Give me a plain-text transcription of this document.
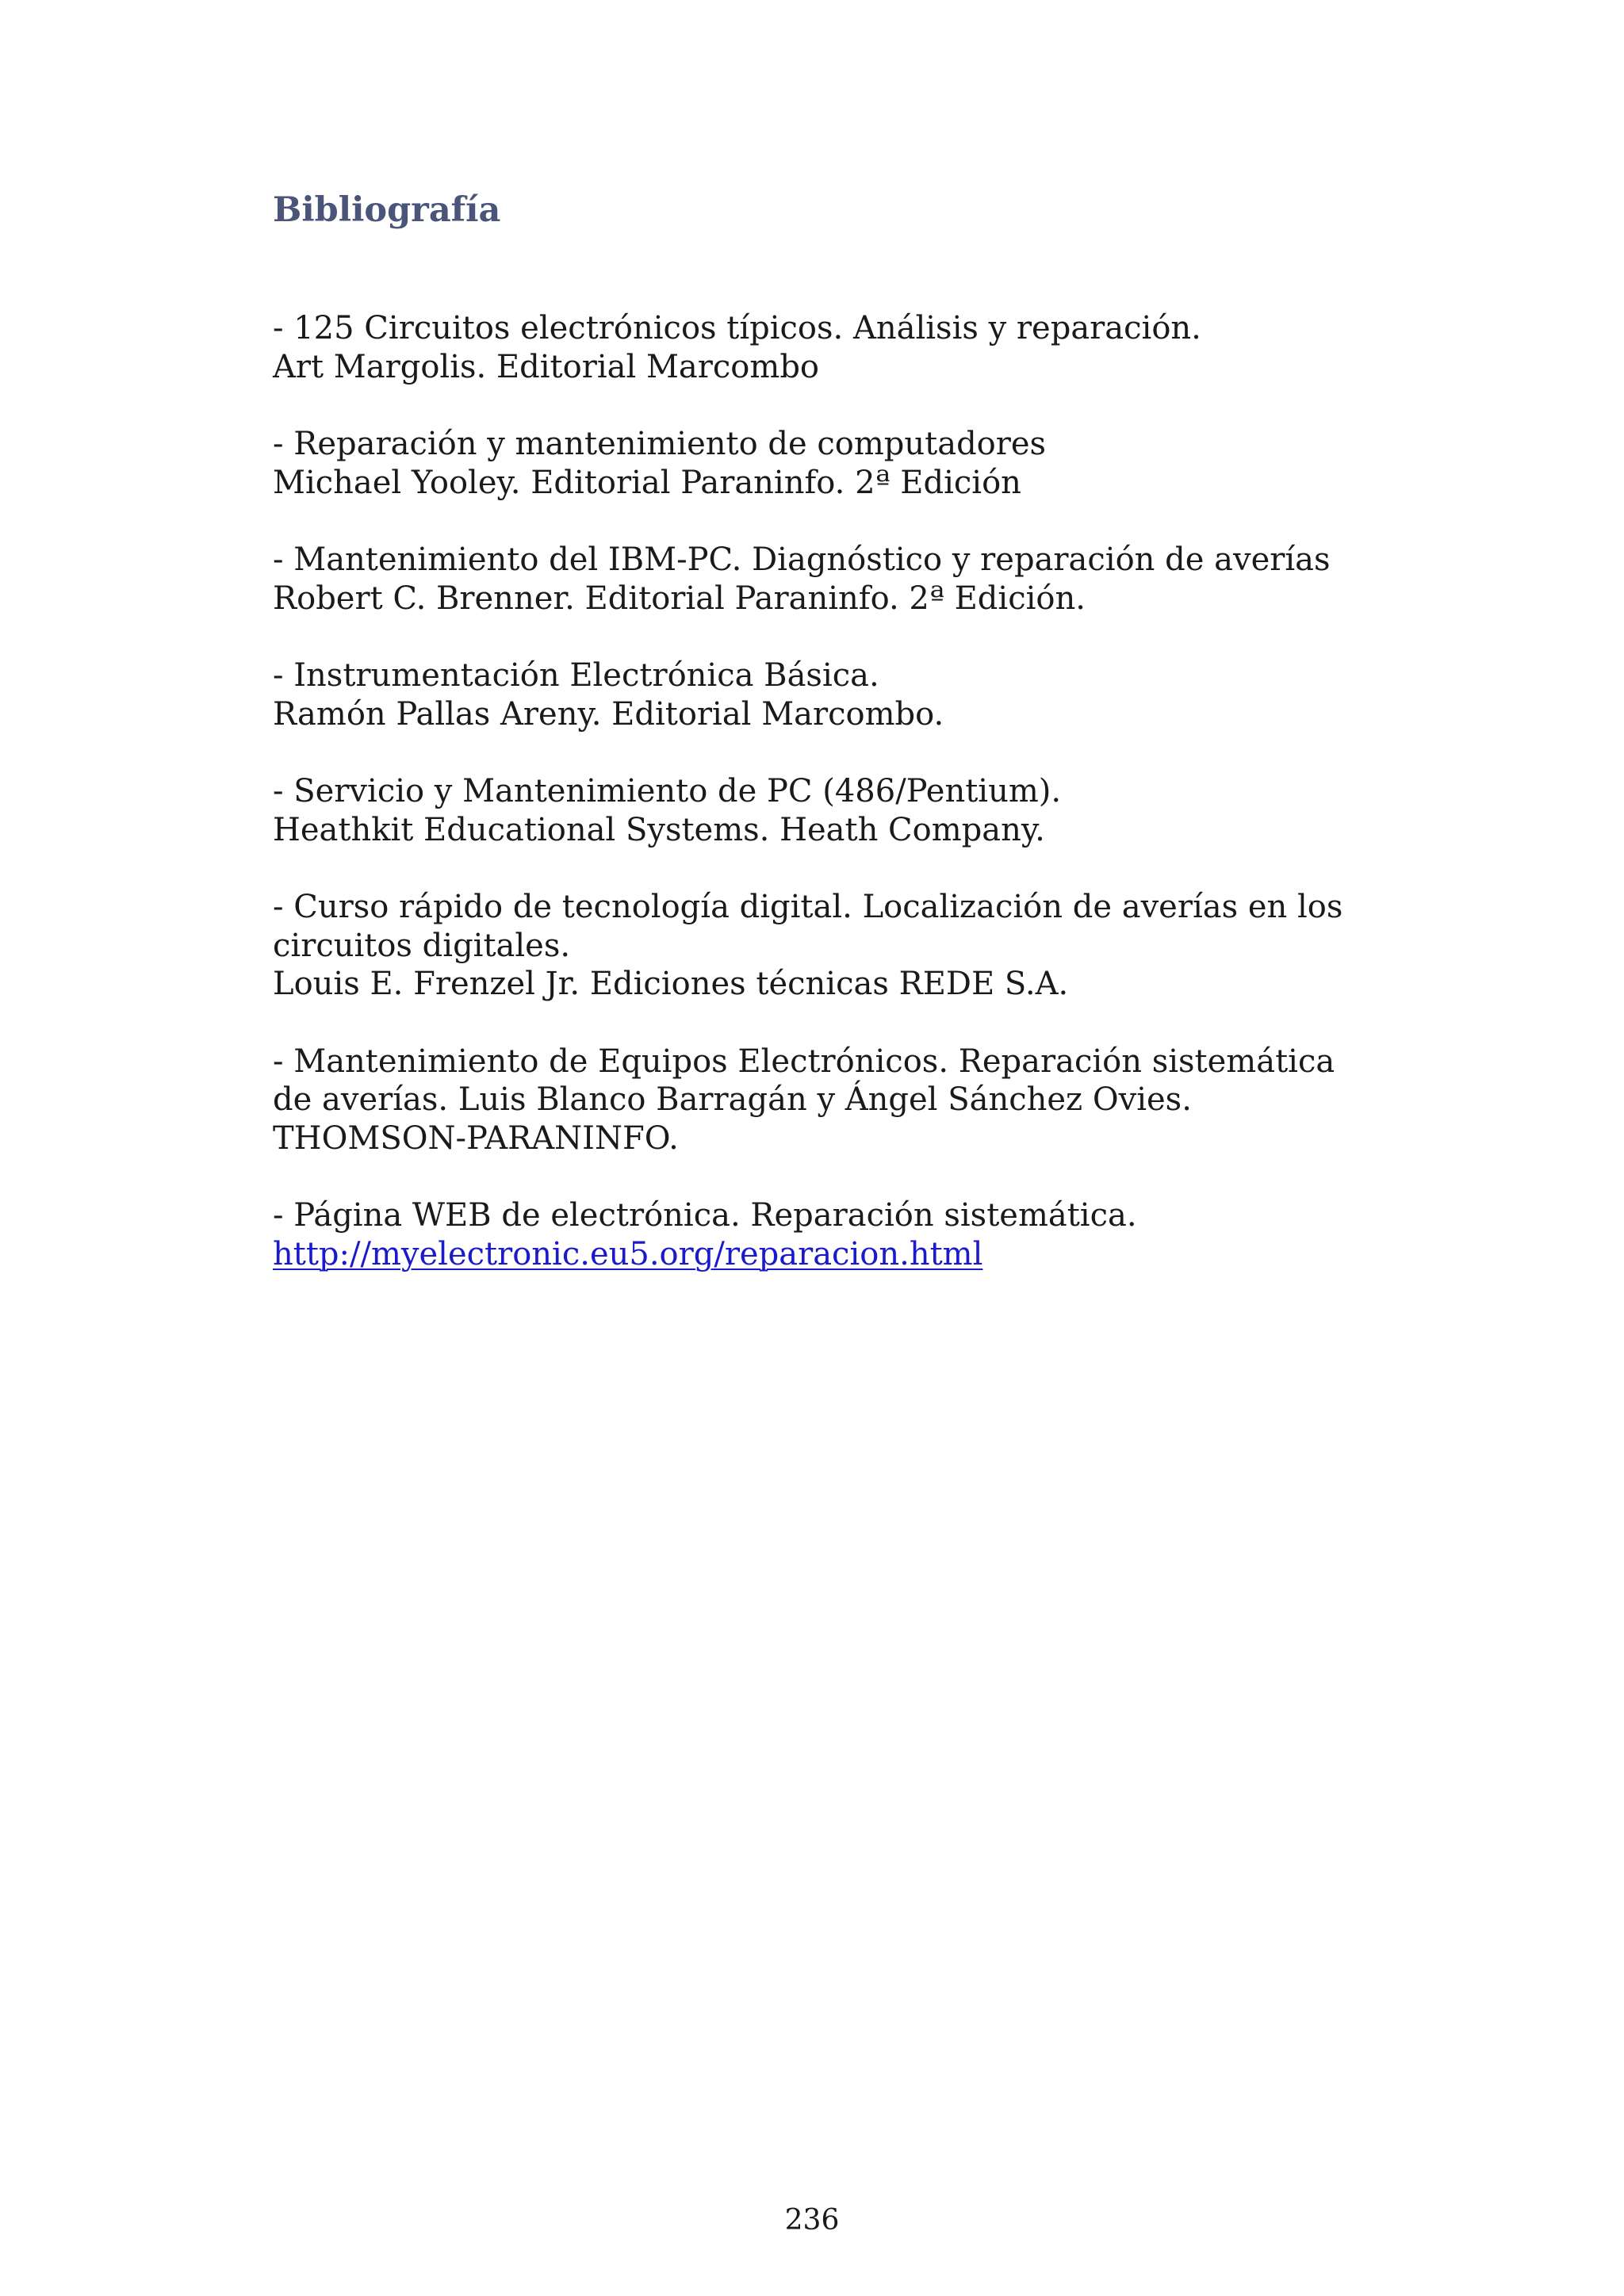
Bibliografía
- 125 Circuitos electrónicos típicos. Análisis y reparación.
Art Margolis. Editorial Marcombo
- Reparación y mantenimiento de computadores
Michael Yooley. Editorial Paraninfo. 2ª Edición
- Mantenimiento del IBM-PC. Diagnóstico y reparación de averías
Robert C. Brenner. Editorial Paraninfo. 2ª Edición.
- Instrumentación Electrónica Básica.
Ramón Pallas Areny. Editorial Marcombo.
- Servicio y Mantenimiento de PC (486/Pentium).
Heathkit Educational Systems. Heath Company.
- Curso rápido de tecnología digital. Localización de averías en los
circuitos digitales.
Louis E. Frenzel Jr. Ediciones técnicas REDE S.A.
- Mantenimiento de Equipos Electrónicos. Reparación sistemática
de averías. Luis Blanco Barragán y Ángel Sánchez Ovies.
THOMSON-PARANINFO.
- Página WEB de electrónica. Reparación sistemática.
http://myelectronic.eu5.org/reparacion.html
236
